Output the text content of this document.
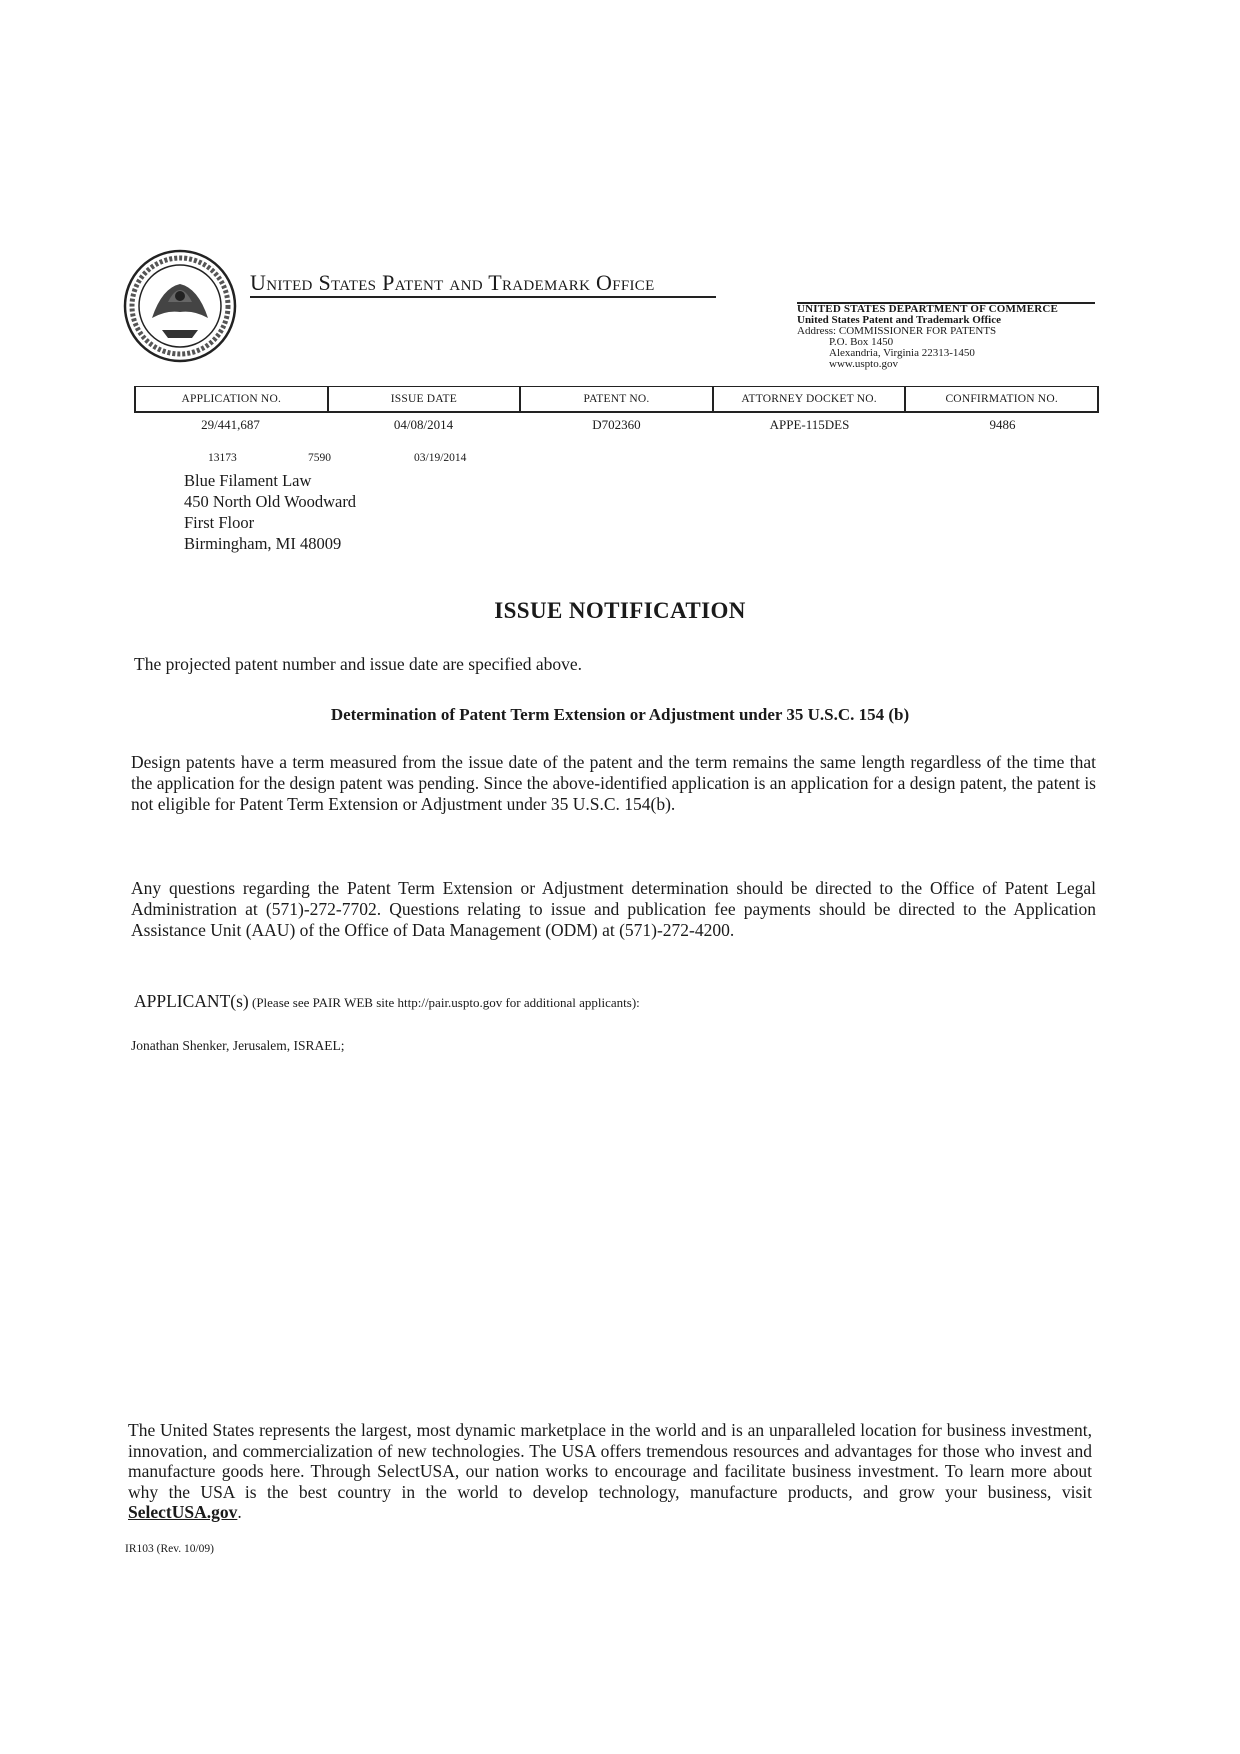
United States Patent and Trademark Office
UNITED STATES DEPARTMENT OF COMMERCE
United States Patent and Trademark Office
Address: COMMISSIONER FOR PATENTS
P.O. Box 1450
Alexandria, Virginia 22313-1450
www.uspto.gov
APPLICATION NO.	ISSUE DATE	PATENT NO.	ATTORNEY DOCKET NO.	CONFIRMATION NO.
29/441,687	04/08/2014	D702360	APPE-115DES	9486
13173	7590	03/19/2014
Blue Filament Law
450 North Old Woodward
First Floor
Birmingham, MI 48009
ISSUE NOTIFICATION
The projected patent number and issue date are specified above.
Determination of Patent Term Extension or Adjustment under 35 U.S.C. 154 (b)
Design patents have a term measured from the issue date of the patent and the term remains the same length regardless of the time that the application for the design patent was pending. Since the above-identified application is an application for a design patent, the patent is not eligible for Patent Term Extension or Adjustment under 35 U.S.C. 154(b).
Any questions regarding the Patent Term Extension or Adjustment determination should be directed to the Office of Patent Legal Administration at (571)-272-7702. Questions relating to issue and publication fee payments should be directed to the Application Assistance Unit (AAU) of the Office of Data Management (ODM) at (571)-272-4200.
APPLICANT(s) (Please see PAIR WEB site http://pair.uspto.gov for additional applicants):
Jonathan Shenker, Jerusalem, ISRAEL;
The United States represents the largest, most dynamic marketplace in the world and is an unparalleled location for business investment, innovation, and commercialization of new technologies. The USA offers tremendous resources and advantages for those who invest and manufacture goods here. Through SelectUSA, our nation works to encourage and facilitate business investment. To learn more about why the USA is the best country in the world to develop technology, manufacture products, and grow your business, visit SelectUSA.gov.
IR103 (Rev. 10/09)
